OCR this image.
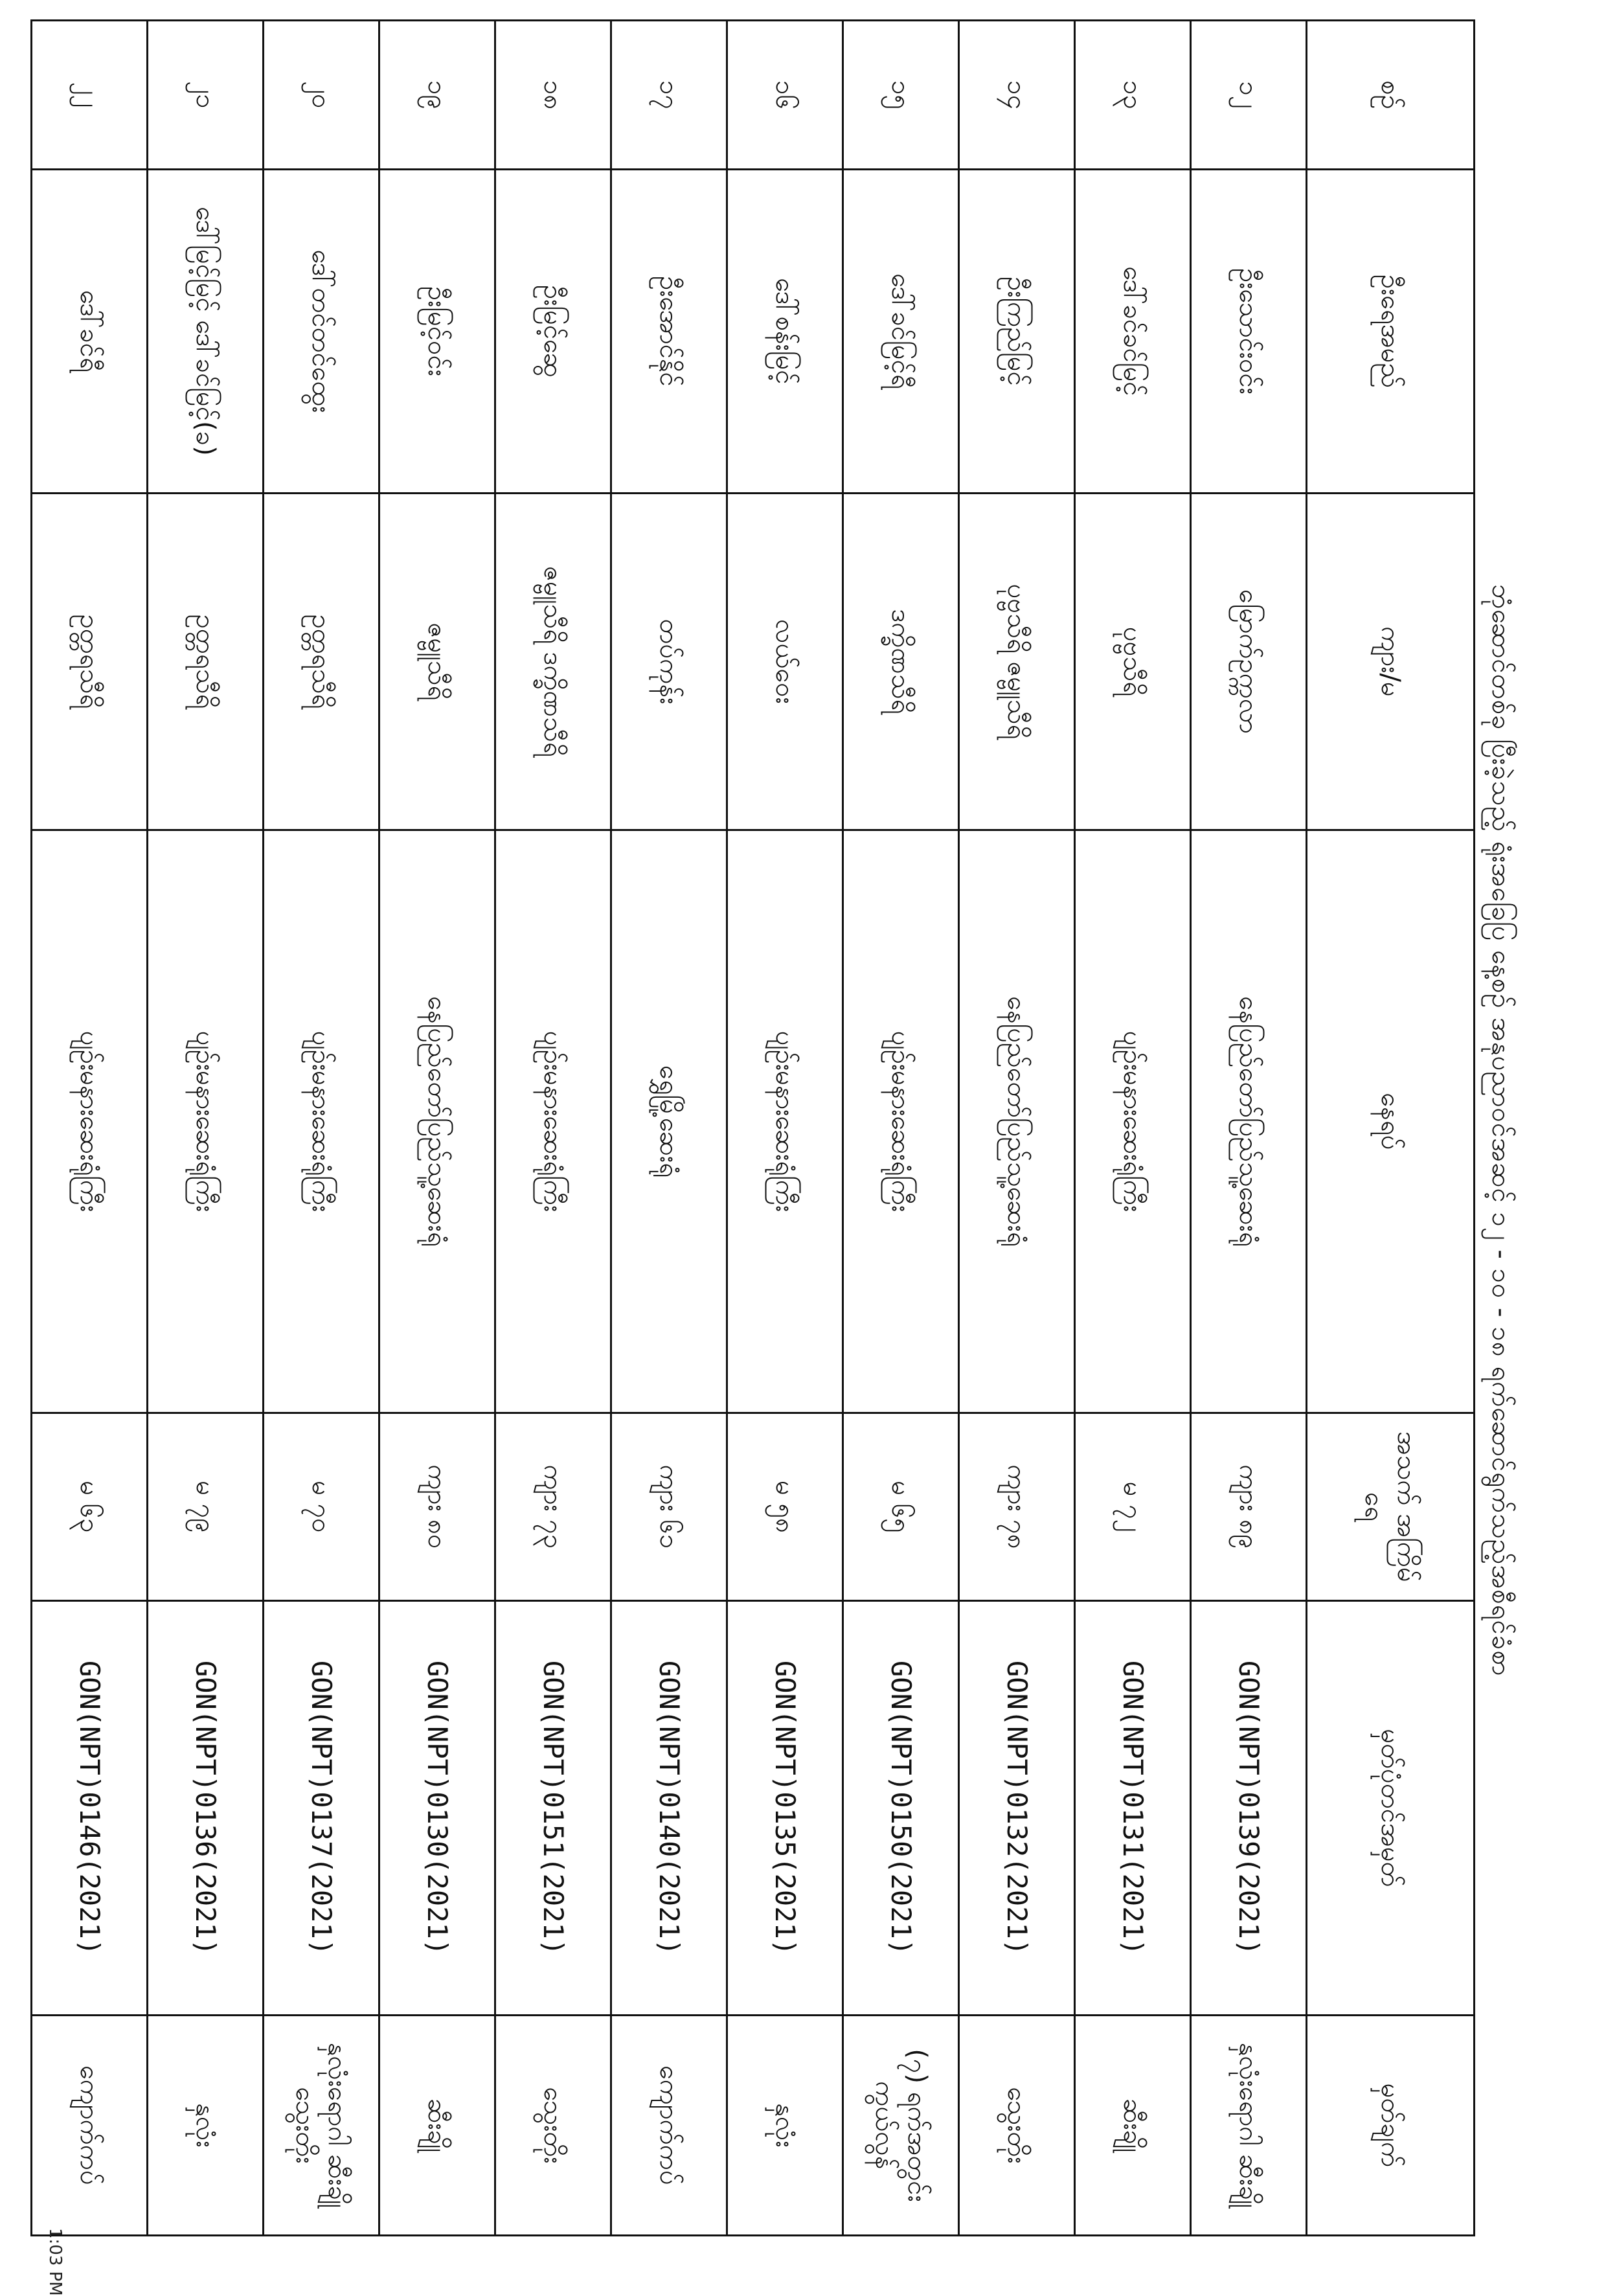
ဘုံဆောင်တစ်ခု ပြီးခဲ့သည့် ရုံးအခြေပြ နေ့စဉ် အနုပညာဝင်အဆင့် ၁၂ - ၁၀ - ၁၈ ရက်ဆောင်ရွက်သည့်အစီရင်ခံစာ
စဉ်	ဦးရေအမည်	ကျား/မ	နေရပ်	အသက် အကြိမ်ရေ	မှတ်ပုံတင်အမှတ်	မှတ်ချက်
၁၂	ဦးသောင်းဝင်း	မြောက်ဥက္ကလာ	နေပြည်တော်ပြည်သူ့ဆေးရုံ	ကျား ၈၉	GON(NPT)0139(2021)	နှလုံးရောဂါ ဆီးချို
၁၃	ဒေါ်ခင်ခင်မြင့်	ပုဗ္ဗသီရိ	ပျဉ်းမနားဆေးရုံကြီး	မ ၇၂	GON(NPT)0131(2021)	ဆီးချို
၁၄	ဦးကြည်မြင့်	ပုဗ္ဗသီရိ ဇမ္ဗူသီရိ	နေပြည်တော်ပြည်သူ့ဆေးရုံ	ကျား ၇၈	GON(NPT)0132(2021)	သွေးတိုး
၁၅	ဒေါ်ခင်မြင့်ရီ	ဒက္ခိဏသီရိ	ပျဉ်းမနားဆေးရုံကြီး	မ ၆၅	GON(NPT)0150(2021)	(၇) ရက်အတွင်းကွယ်လွန်
၁၆	ဒေါ်စန်းမြင့်	လယ်ဝေး	ပျဉ်းမနားဆေးရုံကြီး	မ ၅၈	GON(NPT)0135(2021)	နှလုံး
၁၇	ဦးအောင်နိုင်	တပ်ကုန်း	ရွှေမြို့ဆေးရုံ	ကျား ၆၁	GON(NPT)0140(2021)	ကျောက်ကပ်
၁၈	ဦးမြင့်ဆွေ	ဇမ္ဗူသီရိ ဒက္ခိဏသီရိ	ပျဉ်းမနားဆေးရုံကြီး	ကျား ၇၃	GON(NPT)0151(2021)	သွေးတိုး
၁၉	ဦးမြင့်ဝင်း	ဇမ္ဗူသီရိ	နေပြည်တော်ပြည်သူ့ဆေးရုံ	ကျား ၈၀	GON(NPT)0130(2021)	ဆီးချို
၂၀	ဒေါ်တင်တင်ထွေး	ဥတ္တရသီရိ	ပျဉ်းမနားဆေးရုံကြီး	မ ၇၀	GON(NPT)0137(2021)	နှလုံးရောဂါ ဆီးချို သွေးတိုး
၂၁	ဒေါ်မြင့်မြင့် ဒေါ်ခင်မြင့်(ခ)	ဥတ္တရသီရိ	ပျဉ်းမနားဆေးရုံကြီး	မ ၇၉	GON(NPT)0136(2021)	နှလုံး
၂၂	ဒေါ်ခင်ရီ	ဥတ္တရသီရိ	ပျဉ်းမနားဆေးရုံကြီး	မ ၆၃	GON(NPT)0146(2021)	ကျောက်ကပ်
1:03 PM
